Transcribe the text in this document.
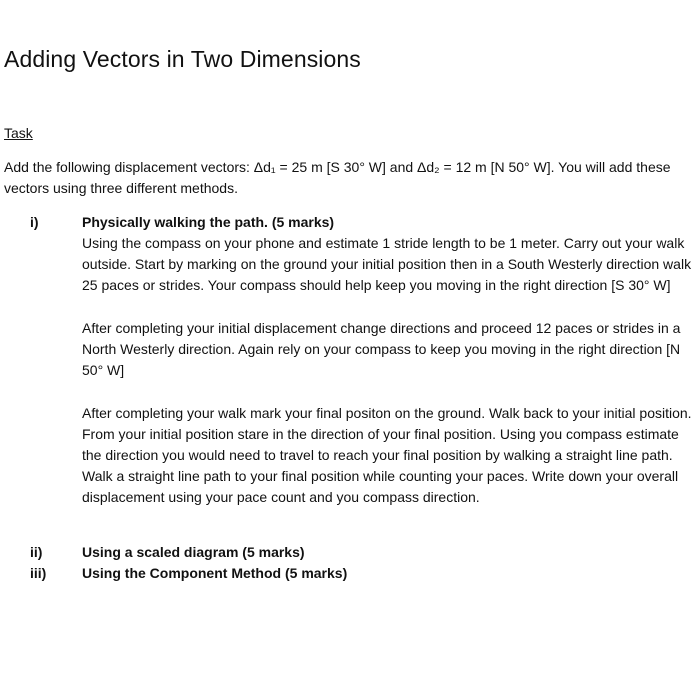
Adding Vectors in Two Dimensions
Task

Add the following displacement vectors: Δd₁ = 25 m [S 30° W] and Δd₂ = 12 m [N 50° W]. You will add these vectors using three different methods.

i)	Physically walking the path. (5 marks)

Using the compass on your phone and estimate 1 stride length to be 1 meter. Carry out your walk outside. Start by marking on the ground your initial position then in a South Westerly direction walk 25 paces or strides. Your compass should help keep you moving in the right direction [S 30° W]

After completing your initial displacement change directions and proceed 12 paces or strides in a North Westerly direction. Again rely on your compass to keep you moving in the right direction [N 50° W]

After completing your walk mark your final positon on the ground. Walk back to your initial position. From your initial position stare in the direction of your final position. Using you compass estimate the direction you would need to travel to reach your final position by walking a straight line path. Walk a straight line path to your final position while counting your paces. Write down your overall displacement using your pace count and you compass direction.

ii)	Using a scaled diagram (5 marks)

iii)	Using the Component Method (5 marks)
